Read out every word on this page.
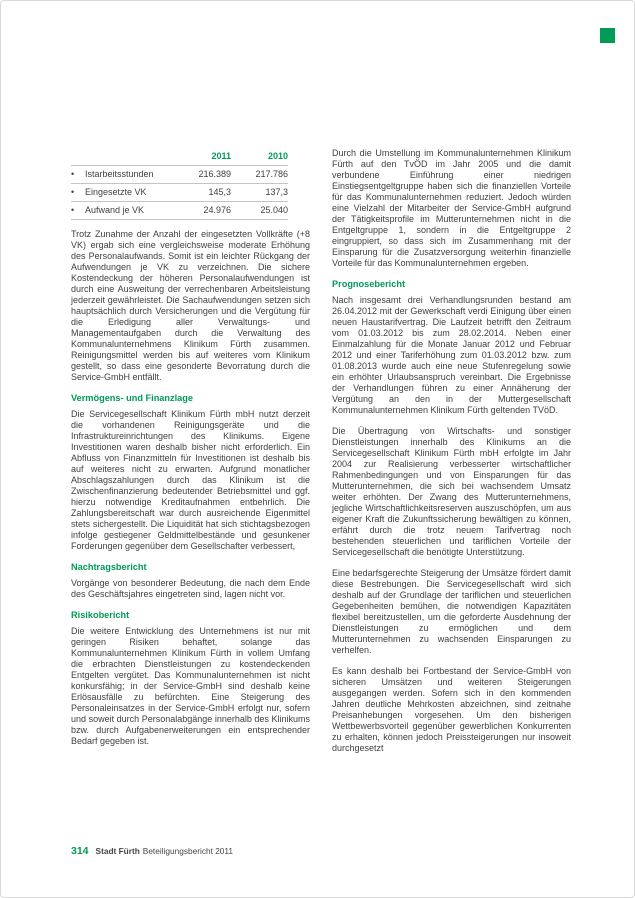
	2011	2010
• Istarbeitsstunden	216.389	217.786
• Eingesetzte VK	145,3	137,3
• Aufwand je VK	24.976	25.040

Trotz Zunahme der Anzahl der eingesetzten Vollkräfte (+8 VK) ergab sich eine vergleichsweise moderate Erhöhung des Personalaufwands. Somit ist ein leichter Rückgang der Aufwendungen je VK zu verzeichnen. Die sichere Kostendeckung der höheren Personalaufwendungen ist durch eine Ausweitung der verrechenbaren Arbeitsleistung jederzeit gewährleistet. Die Sachaufwendungen setzen sich hauptsächlich durch Versicherungen und die Vergütung für die Erledigung aller Verwaltungs- und Managementaufgaben durch die Verwaltung des Kommunalunternehmens Klinikum Fürth zusammen. Reinigungsmittel werden bis auf weiteres vom Klinikum gestellt, so dass eine gesonderte Bevorratung durch die Service-GmbH entfällt.

Vermögens- und Finanzlage

Die Servicegesellschaft Klinikum Fürth mbH nutzt derzeit die vorhandenen Reinigungsgeräte und die Infrastruktureinrichtungen des Klinikums. Eigene Investitionen waren deshalb bisher nicht erforderlich. Ein Abfluss von Finanzmitteln für Investitionen ist deshalb bis auf weiteres nicht zu erwarten. Aufgrund monatlicher Abschlagszahlungen durch das Klinikum ist die Zwischenfinanzierung bedeutender Betriebsmittel und ggf. hierzu notwendige Kreditaufnahmen entbehrlich. Die Zahlungsbereitschaft war durch ausreichende Eigenmittel stets sichergestellt. Die Liquidität hat sich stichtagsbezogen infolge gestiegener Geldmittelbestände und gesunkener Forderungen gegenüber dem Gesellschafter verbessert,

Nachtragsbericht

Vorgänge von besonderer Bedeutung, die nach dem Ende des Geschäftsjahres eingetreten sind, lagen nicht vor.

Risikobericht

Die weitere Entwicklung des Unternehmens ist nur mit geringen Risiken behaftet, solange das Kommunalunternehmen Klinikum Fürth in vollem Umfang die erbrachten Dienstleistungen zu kostendeckenden Entgelten vergütet. Das Kommunalunternehmen ist nicht konkursfähig; in der Service-GmbH sind deshalb keine Erlösausfälle zu befürchten. Eine Steigerung des Personaleinsatzes in der Service-GmbH erfolgt nur, sofern und soweit durch Personalabgänge innerhalb des Klinikums bzw. durch Aufgabenerweiterungen ein entsprechender Bedarf gegeben ist.

Durch die Umstellung im Kommunalunternehmen Klinikum Fürth auf den TvÖD im Jahr 2005 und die damit verbundene Einführung einer niedrigen Einstiegsentgeltgruppe haben sich die finanziellen Vorteile für das Kommunalunternehmen reduziert. Jedoch würden eine Vielzahl der Mitarbeiter der Service-GmbH aufgrund der Tätigkeitsprofile im Mutterunternehmen nicht in die Entgeltgruppe 1, sondern in die Entgeltgruppe 2 eingruppiert, so dass sich im Zusammenhang mit der Einsparung für die Zusatzversorgung weiterhin finanzielle Vorteile für das Kommunalunternehmen ergeben.

Prognosebericht

Nach insgesamt drei Verhandlungsrunden bestand am 26.04.2012 mit der Gewerkschaft verdi Einigung über einen neuen Haustarifvertrag. Die Laufzeit betrifft den Zeitraum vom 01.03.2012 bis zum 28.02.2014. Neben einer Einmalzahlung für die Monate Januar 2012 und Februar 2012 und einer Tariferhöhung zum 01.03.2012 bzw. zum 01.08.2013 wurde auch eine neue Stufenregelung sowie ein erhöhter Urlaubsanspruch vereinbart. Die Ergebnisse der Verhandlungen führen zu einer Annäherung der Vergütung an den in der Muttergesellschaft Kommunalunternehmen Klinikum Fürth geltenden TVöD.

Die Übertragung von Wirtschafts- und sonstiger Dienstleistungen innerhalb des Klinikums an die Servicegesellschaft Klinikum Fürth mbH erfolgte im Jahr 2004 zur Realisierung verbesserter wirtschaftlicher Rahmenbedingungen und von Einsparungen für das Mutterunternehmen, die sich bei wachsendem Umsatz weiter erhöhten. Der Zwang des Mutterunternehmens, jegliche Wirtschaftlichkeitsreserven auszuschöpfen, um aus eigener Kraft die Zukunftssicherung bewältigen zu können, erfährt durch die trotz neuem Tarifvertrag noch bestehenden steuerlichen und tariflichen Vorteile der Servicegesellschaft die benötigte Unterstützung.

Eine bedarfsgerechte Steigerung der Umsätze fördert damit diese Bestrebungen. Die Servicegesellschaft wird sich deshalb auf der Grundlage der tariflichen und steuerlichen Gegebenheiten bemühen, die notwendigen Kapazitäten flexibel bereitzustellen, um die geforderte Ausdehnung der Dienstleistungen zu ermöglichen und dem Mutterunternehmen zu wachsenden Einsparungen zu verhelfen.

Es kann deshalb bei Fortbestand der Service-GmbH von sicheren Umsätzen und weiteren Steigerungen ausgegangen werden. Sofern sich in den kommenden Jahren deutliche Mehrkosten abzeichnen, sind zeitnahe Preisanhebungen vorgesehen. Um den bisherigen Wettbewerbsvorteil gegenüber gewerblichen Konkurrenten zu erhalten, können jedoch Preissteigerungen nur insoweit durchgesetzt

314 Stadt Fürth Beteiligungsbericht 2011
